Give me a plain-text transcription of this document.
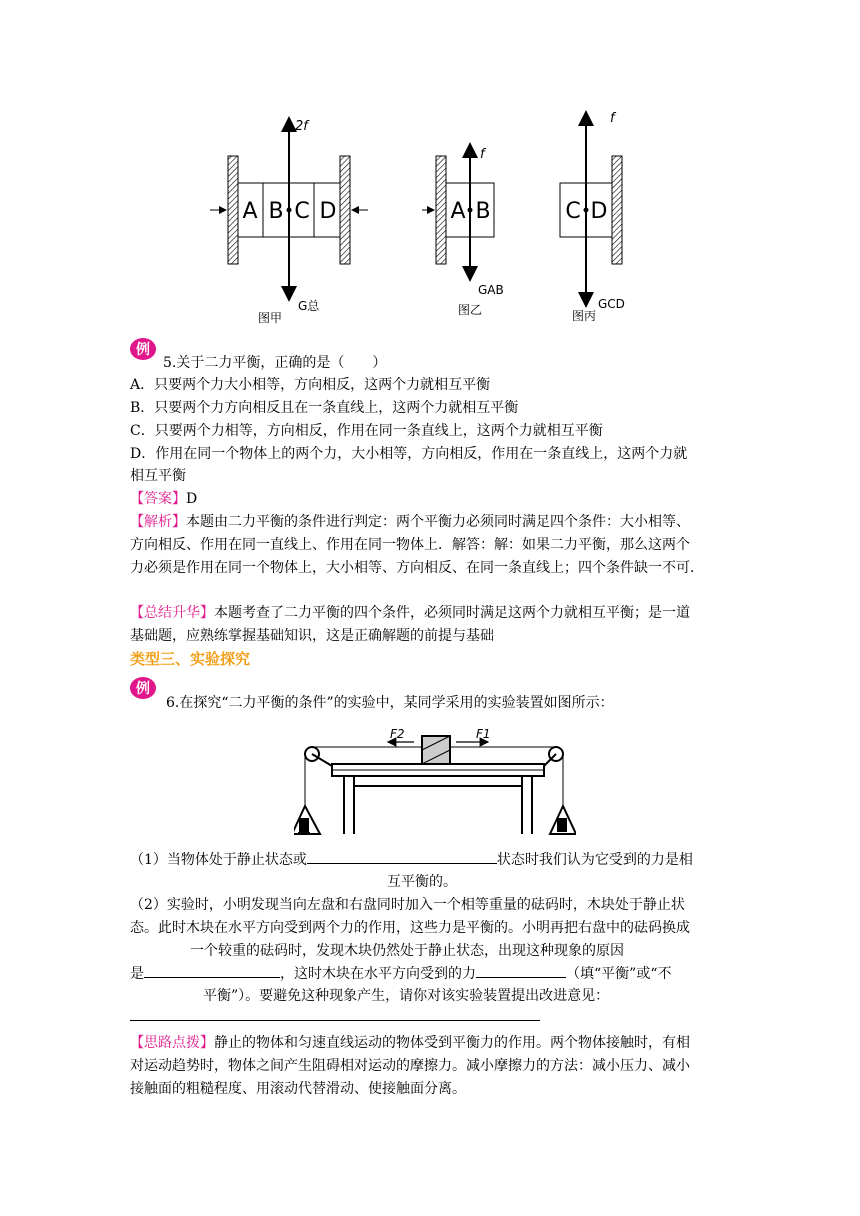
A B C D
2f
G总
图甲
A B
f
GAB
图乙
C D
f
GCD
图丙
例
5.关于二力平衡，正确的是（　　）
A．只要两个力大小相等，方向相反，这两个力就相互平衡
B．只要两个力方向相反且在一条直线上，这两个力就相互平衡
C．只要两个力相等，方向相反，作用在同一条直线上，这两个力就相互平衡
D．作用在同一个物体上的两个力，大小相等，方向相反，作用在一条直线上，这两个力就
相互平衡
【答案】D
【解析】本题由二力平衡的条件进行判定：两个平衡力必须同时满足四个条件：大小相等、
方向相反、作用在同一直线上、作用在同一物体上．解答：解：如果二力平衡，那么这两个
力必须是作用在同一个物体上，大小相等、方向相反、在同一条直线上；四个条件缺一不可．
【总结升华】本题考查了二力平衡的四个条件，必须同时满足这两个力就相互平衡；是一道
基础题，应熟练掌握基础知识，这是正确解题的前提与基础
类型三、实验探究
例
6.在探究“二力平衡的条件”的实验中，某同学采用的实验装置如图所示：
F2	F1
（1）当物体处于静止状态或	状态时我们认为它受到的力是相
互平衡的。
（2）实验时，小明发现当向左盘和右盘同时加入一个相等重量的砝码时，木块处于静止状
态。此时木块在水平方向受到两个力的作用，这些力是平衡的。小明再把右盘中的砝码换成
一个较重的砝码时，发现木块仍然处于静止状态，出现这种现象的原因
是	，这时木块在水平方向受到的力	（填“平衡”或“不
平衡”）。要避免这种现象产生，请你对该实验装置提出改进意见：
【思路点拨】静止的物体和匀速直线运动的物体受到平衡力的作用。两个物体接触时，有相
对运动趋势时，物体之间产生阻碍相对运动的摩擦力。减小摩擦力的方法：减小压力、减小
接触面的粗糙程度、用滚动代替滑动、使接触面分离。
